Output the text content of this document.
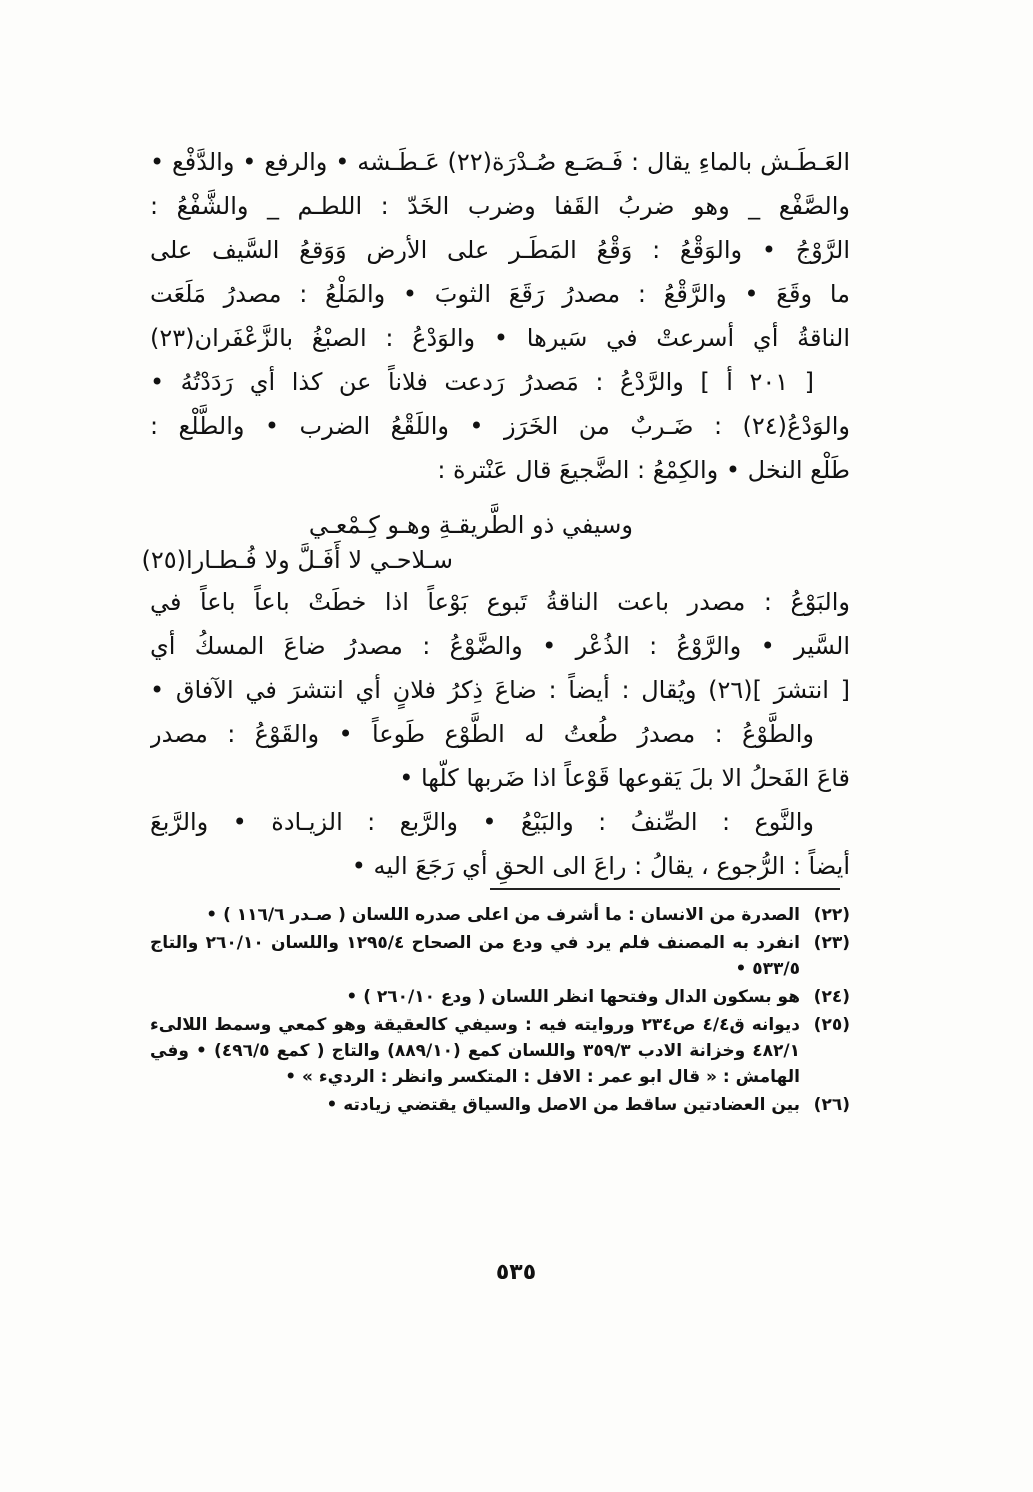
العَـطَـش بالماءِ يقال : فَـصَـع صُـدْرَة(٢٢) عَـطَـشه • والرفع • والدَّفْع •
والصَّفْع _ وهو ضربُ القَفا وضرب الخَدّ : اللطـم _ والشَّفْعُ :
الرَّوْجُ • والوَقْعُ : وَقْعُ المَطَـر على الأرض وَوَقعُ السَّيف على
ما وقَعَ • والرَّقْعُ : مصدرُ رَقَعَ الثوبَ • والمَلْعُ : مصدرُ مَلَعَت
الناقةُ أي أسرعتْ في سَيرها • والوَدْعُ : الصبْغُ بالزَّعْفَران(٢٣)
[ ٢٠١ أ ] والرَّدْعُ : مَصدرُ رَدعت فلاناً عن كذا أي رَدَدْتُهُ •
والوَدْعُ(٢٤) : ضَـربٌ من الخَرَز • واللَقْعُ الضرب • والطَّلْع :
طَلْع النخل • والكِمْعُ : الضَّجيعَ قال عَنْترة :
وسيفي ذو الطَّريقـةِ وهـو كِـمْعـي
سـلاحـي لا أَفَـلَّ ولا فُـطـارا(٢٥)
والبَوْعُ : مصدر باعت الناقةُ تَبوع بَوْعاً اذا خطَتْ باعاً باعاً في
السَّير • والرَّوْعُ : الذُعْر • والضَّوْعُ : مصدرُ ضاعَ المسكُ أي
[ انتشرَ ](٢٦) ويُقال : أيضاً : ضاعَ ذِكرُ فلانٍ أي انتشرَ في الآفاق •
والطَّوْعُ : مصدرُ طُعتُ له الطَّوْع طَوعاً • والقَوْعُ : مصدر
قاعَ الفَحلُ الا بلَ يَقوعها قَوْعاً اذا ضَربها كلّها •
والنَّوع : الصِّنفُ : والبَيْعُ • والرَّبع : الزيـادة • والرَّبعَ
أيضاً : الرُّجوع ، يقالُ : راعَ الى الحقِ أي رَجَعَ اليه •
(٢٢)
الصدرة من الانسان : ما أشرف من اعلى صدره اللسان ( صـدر ١١٦/٦ ) •
(٢٣)
انفرد به المصنف فلم يرد في ودع من الصحاح ١٢٩٥/٤ واللسان ٢٦٠/١٠ والتاج ٥٣٣/٥ •
(٢٤)
هو بسكون الدال وفتحها انظر اللسان ( ودع ٢٦٠/١٠ ) •
(٢٥)
ديوانه ق٤/٤ ص٢٣٤ وروايته فيه : وسيفي كالعقيقة وهو كمعي وسمط اللالىء ٤٨٢/١ وخزانة الادب ٣٥٩/٣ واللسان كمع (٨٨٩/١٠) والتاج ( كمع ٤٩٦/٥) • وفي الهامش : « قال ابو عمر : الافل : المتكسر وانظر : الرديء » •
(٢٦)
بين العضادتين ساقط من الاصل والسياق يقتضي زيادته •
٥٣٥
